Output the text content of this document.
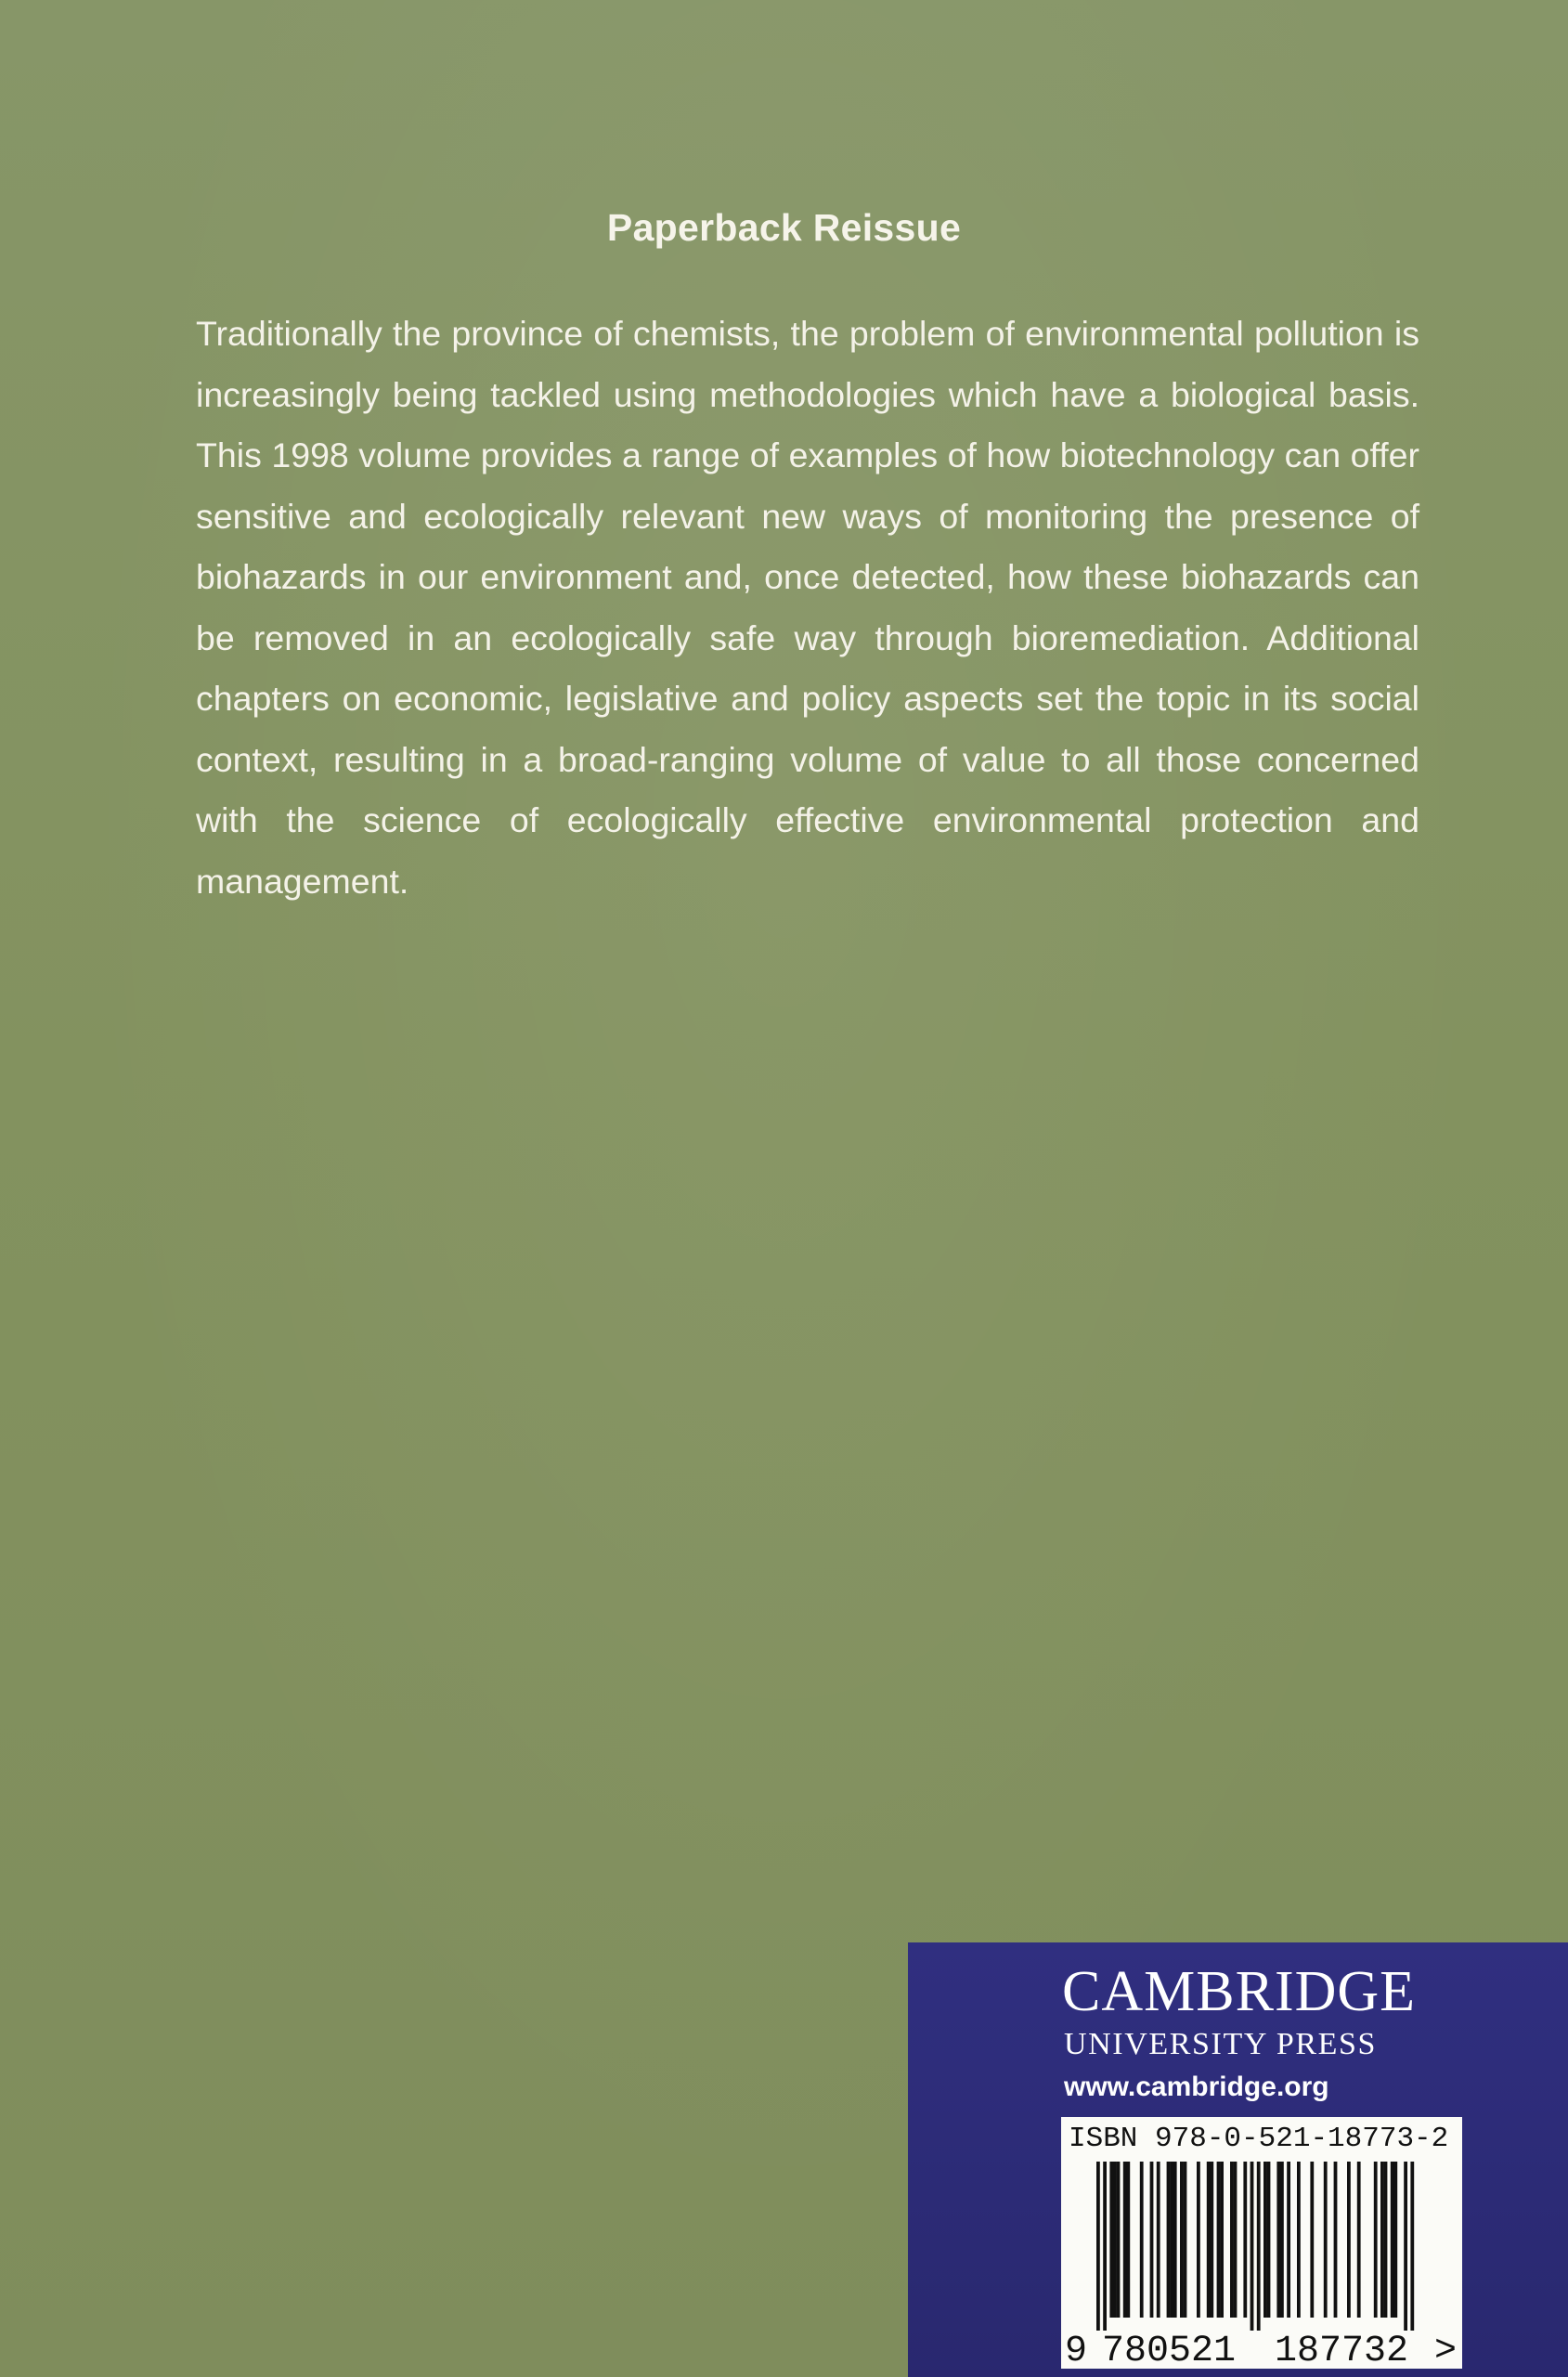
Paperback Reissue

Traditionally the province of chemists, the problem of environmental pollution is increasingly being tackled using methodologies which have a biological basis. This 1998 volume provides a range of examples of how biotechnology can offer sensitive and ecologically relevant new ways of monitoring the presence of biohazards in our environment and, once detected, how these biohazards can be removed in an ecologically safe way through bioremediation. Additional chapters on economic, legislative and policy aspects set the topic in its social context, resulting in a broad-ranging volume of value to all those concerned with the science of ecologically effective environmental protection and management.

CAMBRIDGE

UNIVERSITY PRESS

www.cambridge.org

ISBN 978-0-521-18773-2

9 780521 187732 >
